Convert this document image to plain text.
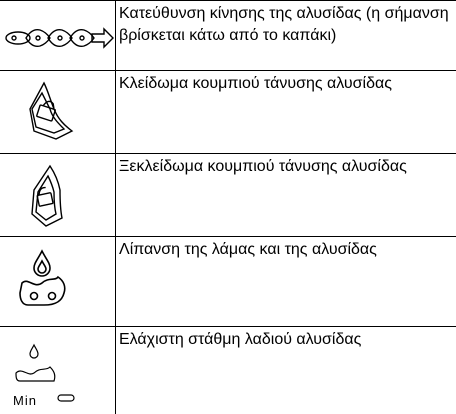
Κατεύθυνση κίνησης της αλυσίδας (η σήμανση βρίσκεται κάτω από το καπάκι)
Κλείδωμα κουμπιού τάνυσης αλυσίδας
Ξεκλείδωμα κουμπιού τάνυσης αλυσίδας
Λίπανση της λάμας και της αλυσίδας
Min
Ελάχιστη στάθμη λαδιού αλυσίδας
